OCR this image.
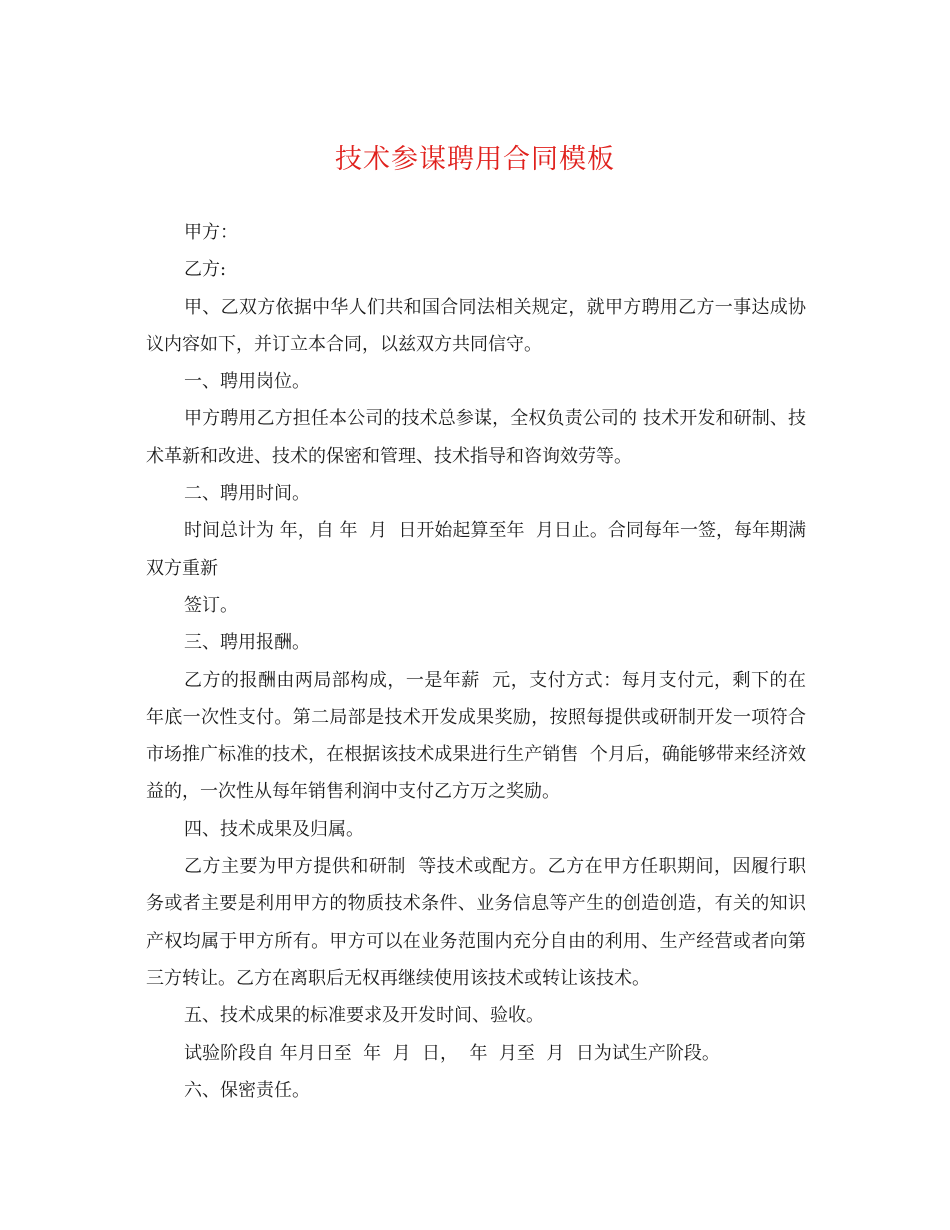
技术参谋聘用合同模板

甲方：

乙方:

甲、乙双方依据中华人们共和国合同法相关规定，就甲方聘用乙方一事达成协议内容如下，并订立本合同，以兹双方共同信守。

一、聘用岗位。

甲方聘用乙方担任本公司的技术总参谋，全权负责公司的 技术开发和研制、技术革新和改进、技术的保密和管理、技术指导和咨询效劳等。

二、聘用时间。

时间总计为 年，自 年  月  日开始起算至年  月日止。合同每年一签，每年期满双方重新

签订。

三、聘用报酬。

乙方的报酬由两局部构成，一是年薪  元，支付方式：每月支付元，剩下的在年底一次性支付。第二局部是技术开发成果奖励，按照每提供或研制开发一项符合市场推广标准的技术，在根据该技术成果进行生产销售  个月后，确能够带来经济效益的，一次性从每年销售利润中支付乙方万之奖励。

四、技术成果及归属。

乙方主要为甲方提供和研制  等技术或配方。乙方在甲方任职期间，因履行职务或者主要是利用甲方的物质技术条件、业务信息等产生的创造创造，有关的知识产权均属于甲方所有。甲方可以在业务范围内充分自由的利用、生产经营或者向第三方转让。乙方在离职后无权再继续使用该技术或转让该技术。

五、技术成果的标准要求及开发时间、验收。

试验阶段自 年月日至  年  月  日，  年  月至  月  日为试生产阶段。

六、保密责任。
